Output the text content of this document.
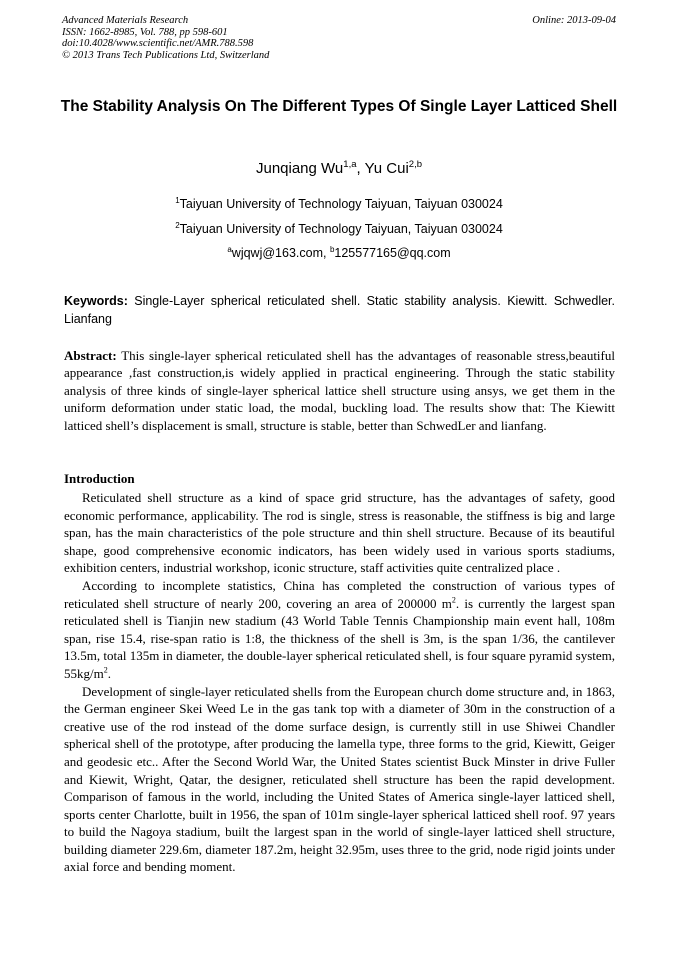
Advanced Materials Research
ISSN: 1662-8985, Vol. 788, pp 598-601
doi:10.4028/www.scientific.net/AMR.788.598
© 2013 Trans Tech Publications Ltd, Switzerland
Online: 2013-09-04
The Stability Analysis On The Different Types Of Single Layer Latticed Shell
Junqiang Wu$^{1,a}$, Yu Cui$^{2,b}$
$^1$Taiyuan University of Technology Taiyuan, Taiyuan 030024
$^2$Taiyuan University of Technology Taiyuan, Taiyuan 030024
$^a$wjqwj@163.com, $^b$125577165@qq.com
Keywords: Single-Layer spherical reticulated shell. Static stability analysis. Kiewitt. Schwedler. Lianfang
Abstract: This single-layer spherical reticulated shell has the advantages of reasonable stress,beautiful appearance ,fast construction,is widely applied in practical engineering. Through the static stability analysis of three kinds of single-layer spherical lattice shell structure using ansys, we get them in the uniform deformation under static load, the modal, buckling load. The results show that: The Kiewitt latticed shell’s displacement is small, structure is stable, better than SchwedLer and lianfang.
Introduction

Reticulated shell structure as a kind of space grid structure, has the advantages of safety, good economic performance, applicability. The rod is single, stress is reasonable, the stiffness is big and large span, has the main characteristics of the pole structure and thin shell structure. Because of its beautiful shape, good comprehensive economic indicators, has been widely used in various sports stadiums, exhibition centers, industrial workshop, iconic structure, staff activities quite centralized place .

According to incomplete statistics, China has completed the construction of various types of reticulated shell structure of nearly 200, covering an area of 200000 $m^2$. is currently the largest span reticulated shell is Tianjin new stadium (43 World Table Tennis Championship main event hall, 108m span, rise 15.4, rise-span ratio is 1:8, the thickness of the shell is 3m, is the span 1/36, the cantilever 13.5m, total 135m in diameter, the double-layer spherical reticulated shell, is four square pyramid system, $55kg/m^2$.

Development of single-layer reticulated shells from the European church dome structure and, in 1863, the German engineer Skei Weed Le in the gas tank top with a diameter of 30m in the construction of a creative use of the rod instead of the dome surface design, is currently still in use Shiwei Chandler spherical shell of the prototype, after producing the lamella type, three forms to the grid, Kiewitt, Geiger and geodesic etc.. After the Second World War, the United States scientist Buck Minster in drive Fuller and Kiewit, Wright, Qatar, the designer, reticulated shell structure has been the rapid development. Comparison of famous in the world, including the United States of America single-layer latticed shell, sports center Charlotte, built in 1956, the span of 101m single-layer spherical latticed shell roof. 97 years to build the Nagoya stadium, built the largest span in the world of single-layer latticed shell structure, building diameter 229.6m, diameter 187.2m, height 32.95m, uses three to the grid, node rigid joints under axial force and bending moment.
